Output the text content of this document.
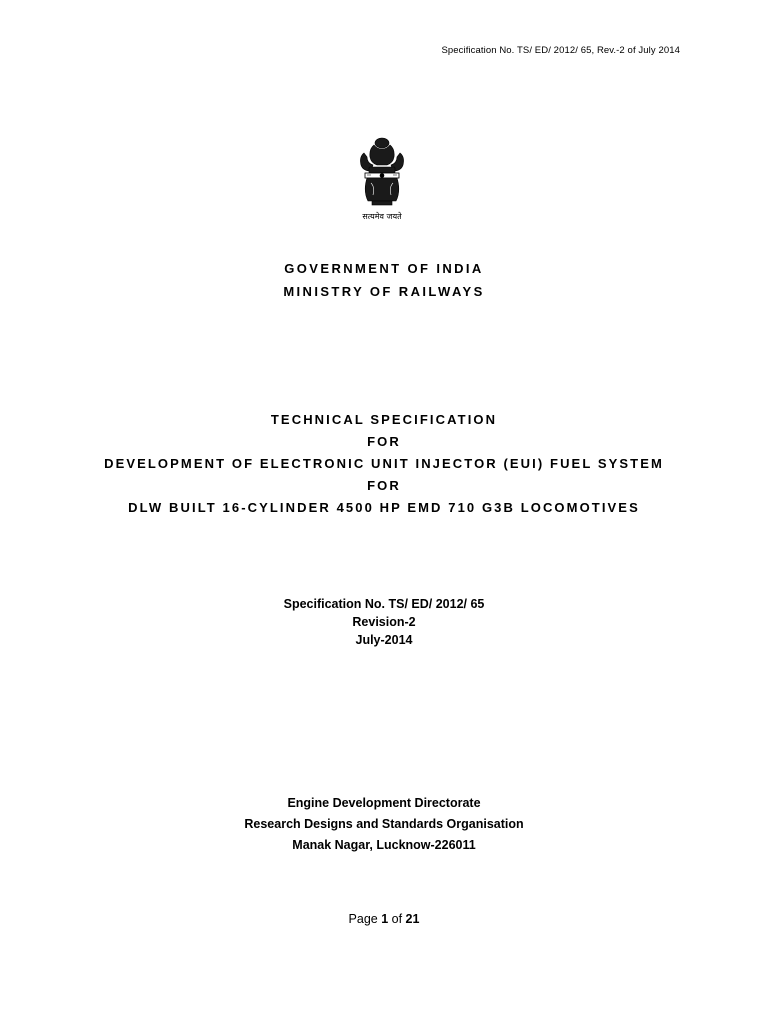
Specification No. TS/ ED/ 2012/ 65, Rev.-2 of July 2014
सत्यमेव जयते
GOVERNMENT OF INDIA
MINISTRY OF RAILWAYS
TECHNICAL SPECIFICATION
FOR
DEVELOPMENT OF ELECTRONIC UNIT INJECTOR (EUI) FUEL SYSTEM
FOR
DLW BUILT 16-CYLINDER 4500 HP EMD 710 G3B LOCOMOTIVES
Specification No. TS/ ED/ 2012/ 65
Revision-2
July-2014
Engine Development Directorate
Research Designs and Standards Organisation
Manak Nagar, Lucknow-226011
Page 1 of 21
